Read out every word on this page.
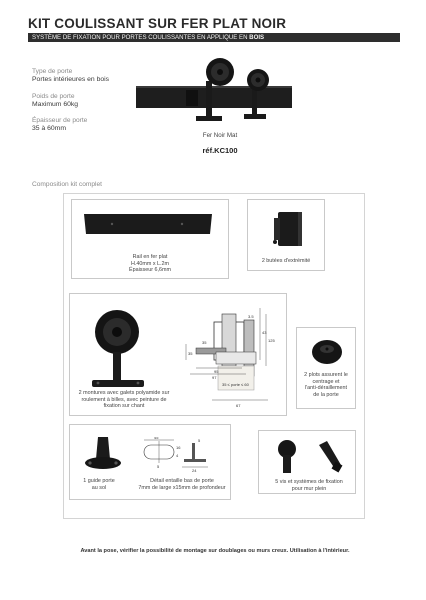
KIT COULISSANT SUR FER PLAT NOIR
SYSTÈME DE FIXATION POUR PORTES COULISSANTES EN APPLIQUE EN BOIS
Type de porte
Portes intérieures en bois
Poids de porte
Maximum 60kg
Épaisseur de porte
35 à 60mm
Fer Noir Mat
réf.KC100
Composition kit complet
Rail en fer plat
H.40mm x L.2m
Épaisseur 6,6mm
2 butées d'extrémité
35
95
97
125
43
3.5
35
67
35 ≤ porte ≤ 60
2 montures avec galets polyamide sur
roulement à billes, avec peinture de
fixation sur chant
2 plots assurent le
centrage et
l'anti-déraillement
de la porte
45
16
4
24
5
5
1 guide porte
au sol
Détail entaille bas de porte
7mm de large x15mm de profondeur
5 vis et systèmes de fixation
pour mur plein
Avant la pose, vérifier la possibilité de montage sur doublages ou murs creux. Utilisation à l'intérieur.
